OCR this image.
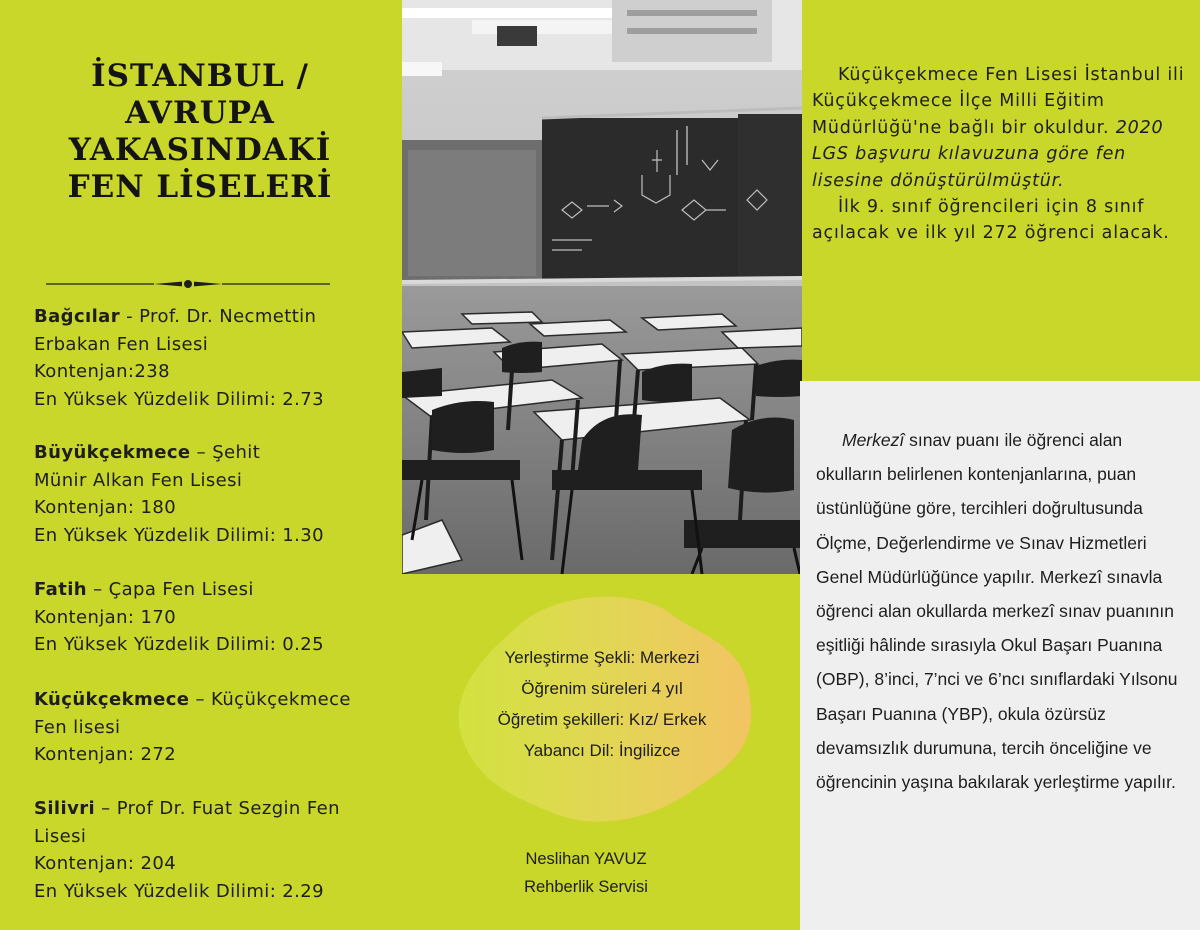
İSTANBUL /
AVRUPA
YAKASINDAKİ
FEN LİSELERİ
Bağcılar - Prof. Dr. Necmettin
Erbakan Fen Lisesi
Kontenjan:238
En Yüksek Yüzdelik Dilimi: 2.73
Büyükçekmece – Şehit
Münir Alkan Fen Lisesi
Kontenjan: 180
En Yüksek Yüzdelik Dilimi: 1.30
Fatih – Çapa Fen Lisesi
Kontenjan: 170
En Yüksek Yüzdelik Dilimi: 0.25
Küçükçekmece – Küçükçekmece
Fen lisesi
Kontenjan: 272
Silivri – Prof Dr. Fuat Sezgin Fen
Lisesi
Kontenjan: 204
En Yüksek Yüzdelik Dilimi: 2.29

Küçükçekmece Fen Lisesi İstanbul ili Küçükçekmece İlçe Milli Eğitim Müdürlüğü'ne bağlı bir okuldur. 2020 LGS başvuru kılavuzuna göre fen lisesine dönüştürülmüştür.

İlk 9. sınıf öğrencileri için 8 sınıf açılacak ve ilk yıl 272 öğrenci alacak.

Merkezî sınav puanı ile öğrenci alan okulların belirlenen kontenjanlarına, puan üstünlüğüne göre, tercihleri doğrultusunda Ölçme, Değerlendirme ve Sınav Hizmetleri Genel Müdürlüğünce yapılır. Merkezî sınavla öğrenci alan okullarda merkezî sınav puanının eşitliği hâlinde sırasıyla Okul Başarı Puanına (OBP), 8’inci, 7’nci ve 6’ncı sınıflardaki Yılsonu Başarı Puanına (YBP), okula özürsüz devamsızlık durumuna, tercih önceliğine ve öğrencinin yaşına bakılarak yerleştirme yapılır.

Yerleştirme Şekli: Merkezi
Öğrenim süreleri 4 yıl
Öğretim şekilleri: Kız/ Erkek
Yabancı Dil: İngilizce
Neslihan YAVUZ
Rehberlik Servisi
